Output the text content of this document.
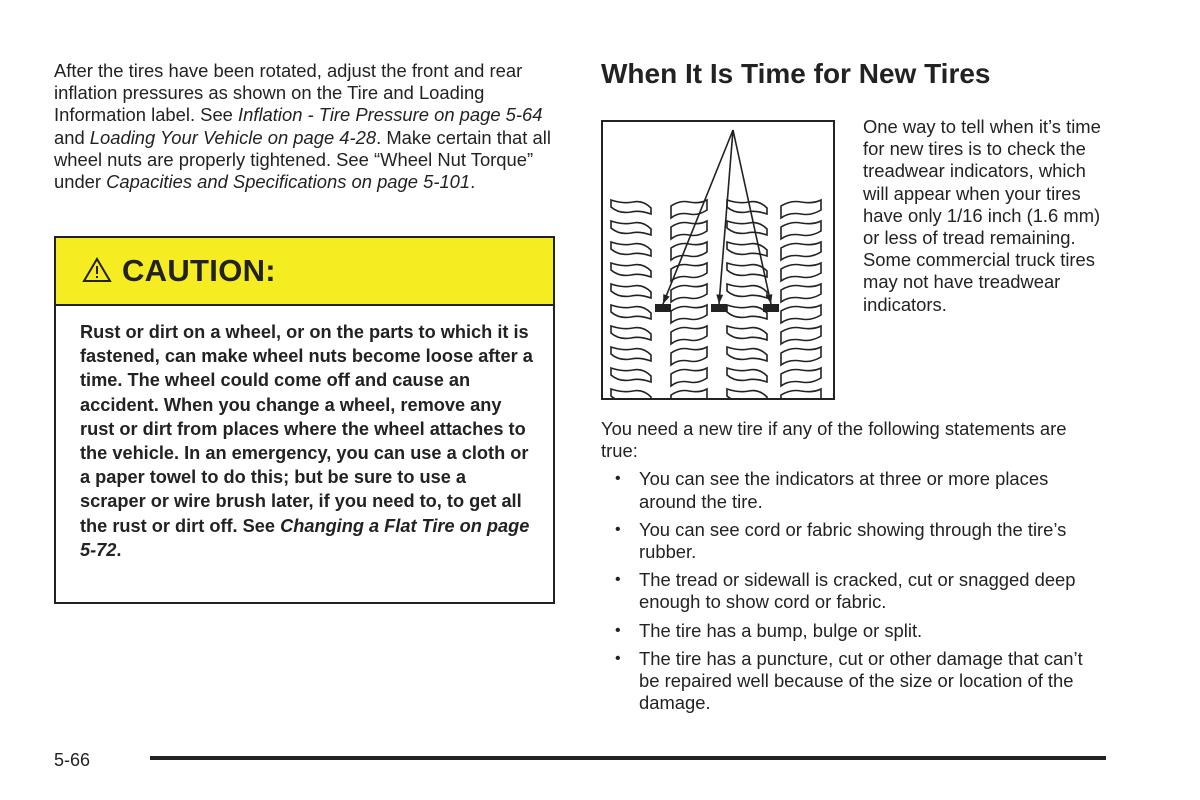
After the tires have been rotated, adjust the front and rear inflation pressures as shown on the Tire and Loading Information label. See Inflation - Tire Pressure on page 5-64 and Loading Your Vehicle on page 4-28. Make certain that all wheel nuts are properly tightened. See “Wheel Nut Torque” under Capacities and Specifications on page 5-101.

CAUTION:
Rust or dirt on a wheel, or on the parts to which it is fastened, can make wheel nuts become loose after a time. The wheel could come off and cause an accident. When you change a wheel, remove any rust or dirt from places where the wheel attaches to the vehicle. In an emergency, you can use a cloth or a paper towel to do this; but be sure to use a scraper or wire brush later, if you need to, to get all the rust or dirt off. See Changing a Flat Tire on page 5-72.
When It Is Time for New Tires
One way to tell when it’s time for new tires is to check the treadwear indicators, which will appear when your tires have only 1/16 inch (1.6 mm) or less of tread remaining. Some commercial truck tires may not have treadwear indicators.

You need a new tire if any of the following statements are true:

• You can see the indicators at three or more places around the tire.
• You can see cord or fabric showing through the tire’s rubber.
• The tread or sidewall is cracked, cut or snagged deep enough to show cord or fabric.
• The tire has a bump, bulge or split.
• The tire has a puncture, cut or other damage that can’t be repaired well because of the size or location of the damage.
5-66
